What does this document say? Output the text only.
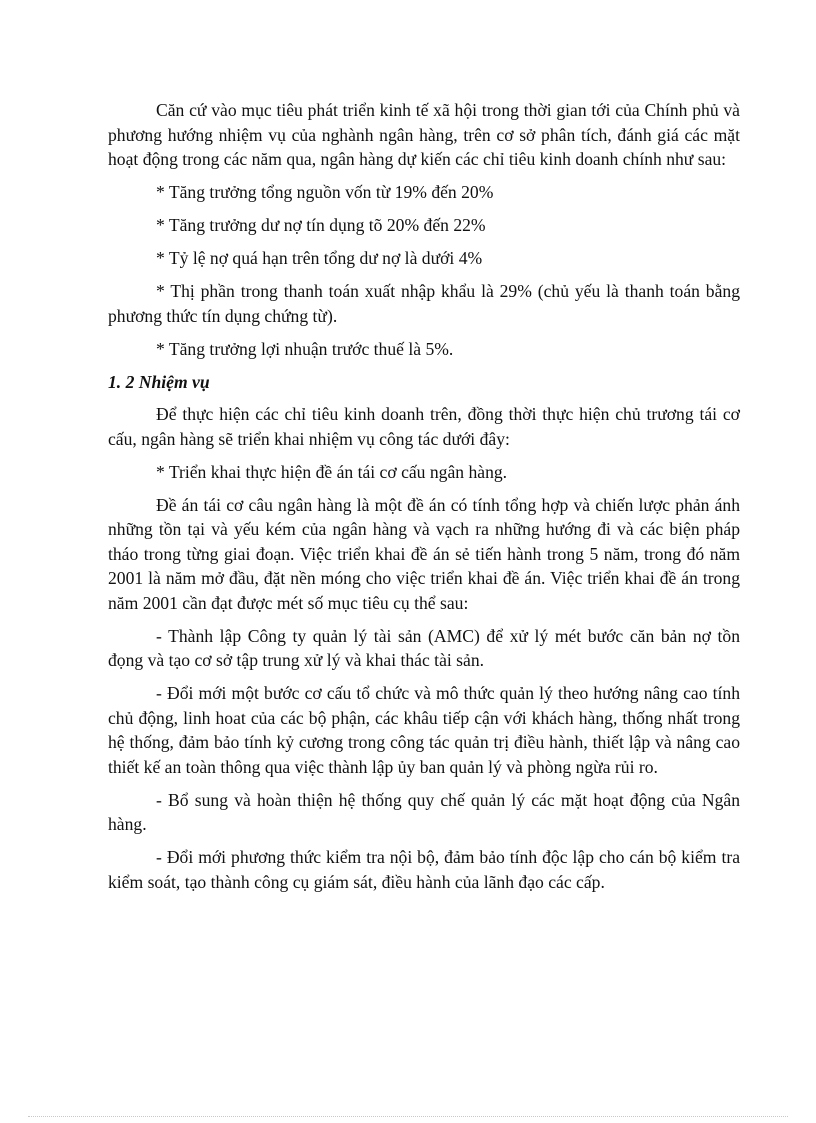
Căn cứ vào mục tiêu phát triển kinh tế xã hội trong thời gian tới của Chính phủ và phương hướng nhiệm vụ của nghành ngân hàng, trên cơ sở phân tích, đánh giá các mặt hoạt động trong các năm qua, ngân hàng dự kiến các chỉ tiêu kinh doanh chính như sau:

* Tăng trưởng tổng nguồn vốn từ 19% đến 20%

* Tăng trưởng dư nợ tín dụng tõ 20% đến 22%

* Tỷ lệ nợ quá hạn trên tổng dư nợ là dưới 4%

* Thị phần trong thanh toán xuất nhập khẩu là 29% (chủ yếu là thanh toán bằng phương thức tín dụng chứng từ).

* Tăng trưởng lợi nhuận trước thuế là 5%.

1. 2 Nhiệm vụ

Để thực hiện các chỉ tiêu kinh doanh trên, đồng thời thực hiện chủ trương tái cơ cấu, ngân hàng sẽ triển khai nhiệm vụ công tác dưới đây:

* Triển khai thực hiện đề án tái cơ cấu ngân hàng.

Đề án tái cơ câu ngân hàng là một đề án có tính tổng hợp và chiến lược phản ánh những tồn tại và yếu kém của ngân hàng và vạch ra những hướng đi và các biện pháp tháo trong từng giai đoạn. Việc triển khai đề án sẻ tiến hành trong 5 năm, trong đó năm 2001 là năm mở đầu, đặt nền móng cho việc triển khai đề án. Việc triển khai đề án trong năm 2001 cần đạt được mét số mục tiêu cụ thể sau:

- Thành lập Công ty quản lý tài sản (AMC) để xử lý mét bước căn bản nợ tồn đọng và tạo cơ sở tập trung xử lý và khai thác tài sản.

- Đổi mới một bước cơ cấu tổ chức và mô thức quản lý theo hướng nâng cao tính chủ động, linh hoat của các bộ phận, các khâu tiếp cận với khách hàng, thống nhất trong hệ thống, đảm bảo tính kỷ cương trong công tác quản trị điều hành, thiết lập và nâng cao thiết kế an toàn thông qua việc thành lập ủy ban quản lý và phòng ngừa rủi ro.

- Bổ sung và hoàn thiện hệ thống quy chế quản lý các mặt hoạt động của Ngân hàng.

- Đổi mới phương thức kiểm tra nội bộ, đảm bảo tính độc lập cho cán bộ kiểm tra kiểm soát, tạo thành công cụ giám sát, điều hành của lãnh đạo các cấp.
